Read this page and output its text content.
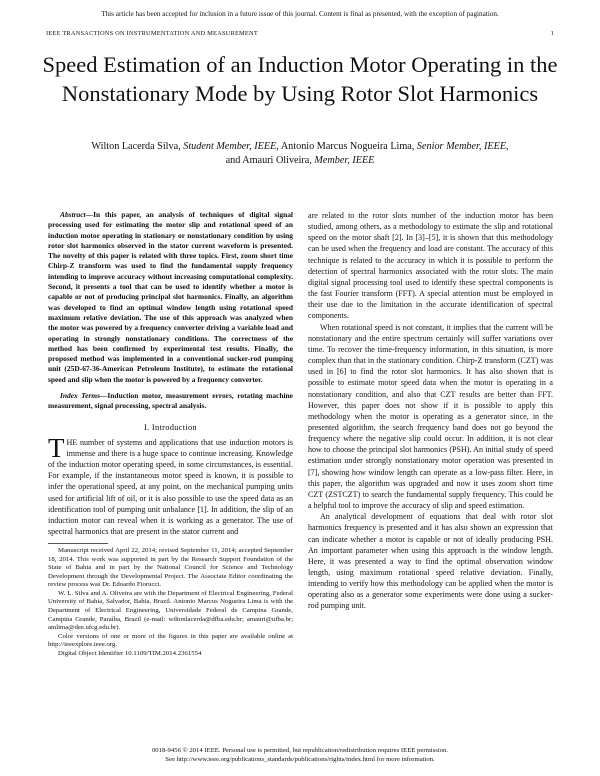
This article has been accepted for inclusion in a future issue of this journal. Content is final as presented, with the exception of pagination.
IEEE TRANSACTIONS ON INSTRUMENTATION AND MEASUREMENT	1
Speed Estimation of an Induction Motor Operating in the Nonstationary Mode by Using Rotor Slot Harmonics
Wilton Lacerda Silva, Student Member, IEEE, Antonio Marcus Nogueira Lima, Senior Member, IEEE,
and Amauri Oliveira, Member, IEEE

Abstract—In this paper, an analysis of techniques of digital signal processing used for estimating the motor slip and rotational speed of an induction motor operating in stationary or nonstationary condition by using rotor slot harmonics observed in the stator current waveform is presented. The novelty of this paper is related with three topics. First, zoom short time Chirp-Z transform was used to find the fundamental supply frequency intending to improve accuracy without increasing computational complexity. Second, it presents a tool that can be used to identify whether a motor is capable or not of producing principal slot harmonics. Finally, an algorithm was developed to find an optimal window length using rotational speed maximum relative deviation. The use of this approach was analyzed when the motor was powered by a frequency converter driving a variable load and operating in strongly nonstationary conditions. The correctness of the method has been confirmed by experimental test results. Finally, the proposed method was implemented in a conventional sucker-rod pumping unit (25D-67-36-American Petroleum Institute), to estimate the rotational speed and slip when the motor is powered by a frequency converter.

Index Terms—Induction motor, measurement errors, rotating machine measurement, signal processing, spectral analysis.

I. Introduction

THE number of systems and applications that use induction motors is immense and there is a huge space to continue increasing. Knowledge of the induction motor operating speed, in some circumstances, is essential. For example, if the instantaneous motor speed is known, it is possible to infer the operational speed, at any point, on the mechanical pumping units used for artificial lift of oil, or it is also possible to use the speed data as an identification tool of pumping unit unbalance [1]. In addition, the slip of an induction motor can reveal when it is working as a generator. The use of spectral harmonics that are present in the stator current and

Manuscript received April 22, 2014; revised September 11, 2014; accepted September 18, 2014. This work was supported in part by the Research Support Foundation of the State of Bahia and in part by the National Council for Science and Technology Development through the Developmental Project. The Associate Editor coordinating the review process was Dr. Edoardo Fiorucci.

W. L. Silva and A. Oliveira are with the Department of Electrical Engineering, Federal University of Bahia, Salvador, Bahia, Brazil. Antonio Marcus Nogueira Lima is with the Department of Electrical Engineering, Universidade Federal de Campina Grande, Campina Grande, Paraíba, Brazil (e-mail: wiltonlacerda@dfba.edu.br; amauri@ufba.br; amlima@dee.ufcg.edu.br).

Color versions of one or more of the figures in this paper are available online at http://ieeexplore.ieee.org.

Digital Object Identifier 10.1109/TIM.2014.2361554

are related to the rotor slots number of the induction motor has been studied, among others, as a methodology to estimate the slip and rotational speed on the motor shaft [2]. In [3]–[5], it is shown that this methodology can be used when the frequency and load are constant. The accuracy of this technique is related to the accuracy in which it is possible to perform the detection of spectral harmonics associated with the rotor slots. The main digital signal processing tool used to identify these spectral components is the fast Fourier transform (FFT). A special attention must be employed in their use due to the limitation in the accurate identification of spectral components.

When rotational speed is not constant, it implies that the current will be nonstationary and the entire spectrum certainly will suffer variations over time. To recover the time-frequency information, in this situation, is more complex than that in the stationary condition. Chirp-Z transform (CZT) was used in [6] to find the rotor slot harmonics. It has also shown that is possible to estimate motor speed data when the motor is operating in a nonstationary condition, and also that CZT results are better than FFT. However, this paper does not show if it is possible to apply this methodology when the motor is operating as a generator since, in the presented algorithm, the search frequency band does not go beyond the frequency where the negative slip could occur. In addition, it is not clear how to choose the principal slot harmonics (PSH). An initial study of speed estimation under strongly nonstationary motor operation was presented in [7], showing how window length can operate as a low-pass filter. Here, in this paper, the algorithm was upgraded and now it uses zoom short time CZT (ZSTCZT) to search the fundamental supply frequency. This could be a helpful tool to improve the accuracy of slip and speed estimation.

An analytical development of equations that deal with rotor slot harmonics frequency is presented and it has also shown an expression that can indicate whether a motor is capable or not of ideally producing PSH. An important parameter when using this approach is the window length. Here, it was presented a way to find the optimal observation window length, using maximum rotational speed relative deviation. Finally, intending to verify how this methodology can be applied when the motor is operating also as a generator some experiments were done using a sucker-rod pumping unit.

0018-9456 © 2014 IEEE. Personal use is permitted, but republication/redistribution requires IEEE permission.
See http://www.ieee.org/publications_standards/publications/rights/index.html for more information.
